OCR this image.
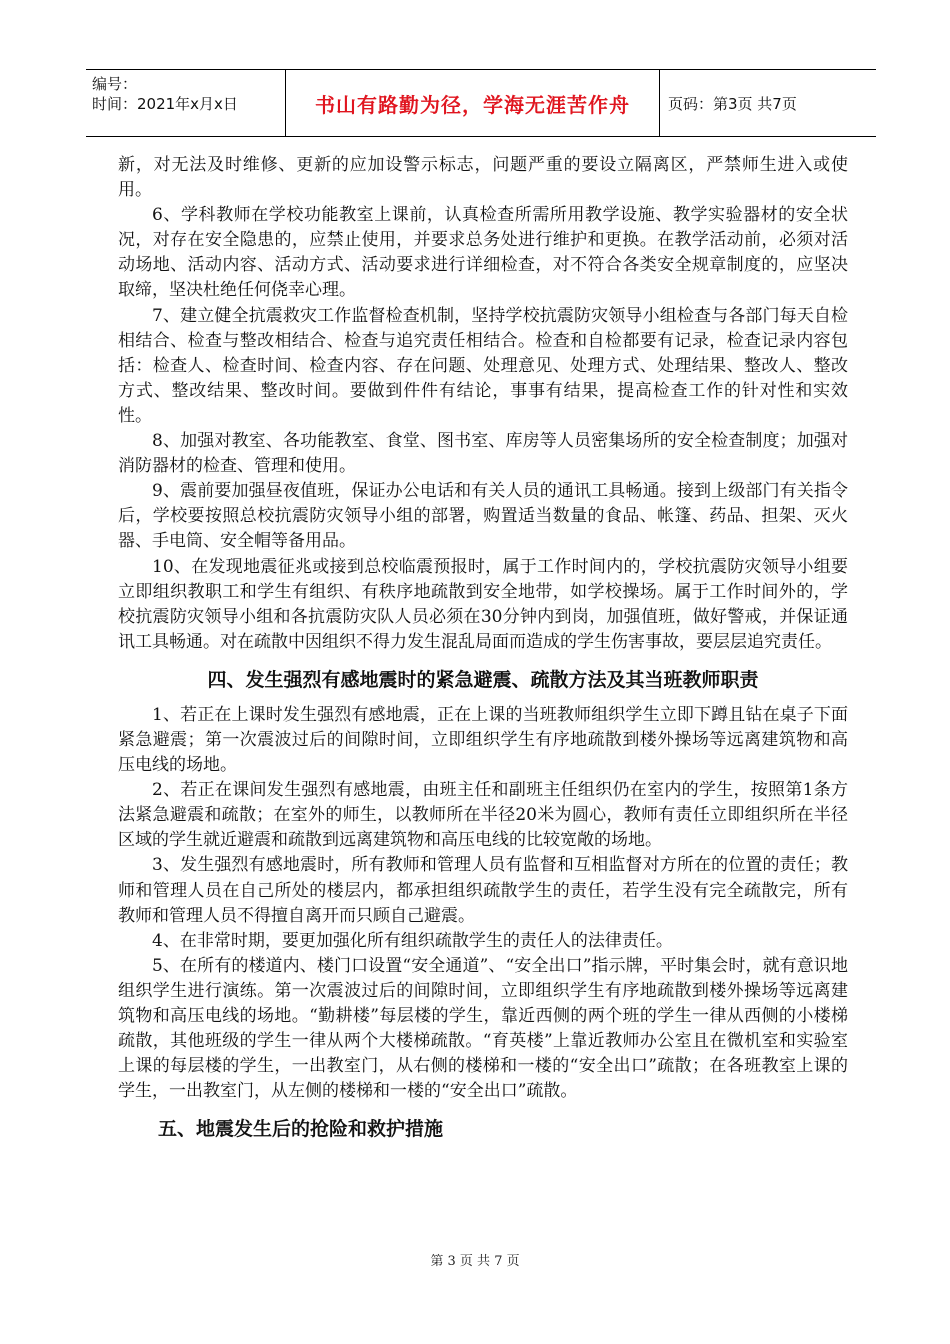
编号：
时间：2021年x月x日	书山有路勤为径，学海无涯苦作舟	页码：第3页 共7页

新，对无法及时维修、更新的应加设警示标志，问题严重的要设立隔离区，严禁师生进入或使用。

6、学科教师在学校功能教室上课前，认真检查所需所用教学设施、教学实验器材的安全状况，对存在安全隐患的，应禁止使用，并要求总务处进行维护和更换。在教学活动前，必须对活动场地、活动内容、活动方式、活动要求进行详细检查，对不符合各类安全规章制度的，应坚决取缔，坚决杜绝任何侥幸心理。

7、建立健全抗震救灾工作监督检查机制，坚持学校抗震防灾领导小组检查与各部门每天自检相结合、检查与整改相结合、检查与追究责任相结合。检查和自检都要有记录，检查记录内容包括：检查人、检查时间、检查内容、存在问题、处理意见、处理方式、处理结果、整改人、整改方式、整改结果、整改时间。要做到件件有结论，事事有结果，提高检查工作的针对性和实效性。

8、加强对教室、各功能教室、食堂、图书室、库房等人员密集场所的安全检查制度；加强对消防器材的检查、管理和使用。

9、震前要加强昼夜值班，保证办公电话和有关人员的通讯工具畅通。接到上级部门有关指令后，学校要按照总校抗震防灾领导小组的部署，购置适当数量的食品、帐篷、药品、担架、灭火器、手电筒、安全帽等备用品。

10、在发现地震征兆或接到总校临震预报时，属于工作时间内的，学校抗震防灾领导小组要立即组织教职工和学生有组织、有秩序地疏散到安全地带，如学校操场。属于工作时间外的，学校抗震防灾领导小组和各抗震防灾队人员必须在30分钟内到岗，加强值班，做好警戒，并保证通讯工具畅通。对在疏散中因组织不得力发生混乱局面而造成的学生伤害事故，要层层追究责任。

四、发生强烈有感地震时的紧急避震、疏散方法及其当班教师职责

1、若正在上课时发生强烈有感地震，正在上课的当班教师组织学生立即下蹲且钻在桌子下面紧急避震；第一次震波过后的间隙时间，立即组织学生有序地疏散到楼外操场等远离建筑物和高压电线的场地。

2、若正在课间发生强烈有感地震，由班主任和副班主任组织仍在室内的学生，按照第1条方法紧急避震和疏散；在室外的师生，以教师所在半径20米为圆心，教师有责任立即组织所在半径区域的学生就近避震和疏散到远离建筑物和高压电线的比较宽敞的场地。

3、发生强烈有感地震时，所有教师和管理人员有监督和互相监督对方所在的位置的责任；教师和管理人员在自己所处的楼层内，都承担组织疏散学生的责任，若学生没有完全疏散完，所有教师和管理人员不得擅自离开而只顾自己避震。

4、在非常时期，要更加强化所有组织疏散学生的责任人的法律责任。

5、在所有的楼道内、楼门口设置“安全通道”、“安全出口”指示牌，平时集会时，就有意识地组织学生进行演练。第一次震波过后的间隙时间，立即组织学生有序地疏散到楼外操场等远离建筑物和高压电线的场地。“勤耕楼”每层楼的学生，靠近西侧的两个班的学生一律从西侧的小楼梯疏散，其他班级的学生一律从两个大楼梯疏散。“育英楼”上靠近教师办公室且在微机室和实验室上课的每层楼的学生，一出教室门，从右侧的楼梯和一楼的“安全出口”疏散；在各班教室上课的学生，一出教室门，从左侧的楼梯和一楼的“安全出口”疏散。

五、地震发生后的抢险和救护措施
第 3 页 共 7 页
